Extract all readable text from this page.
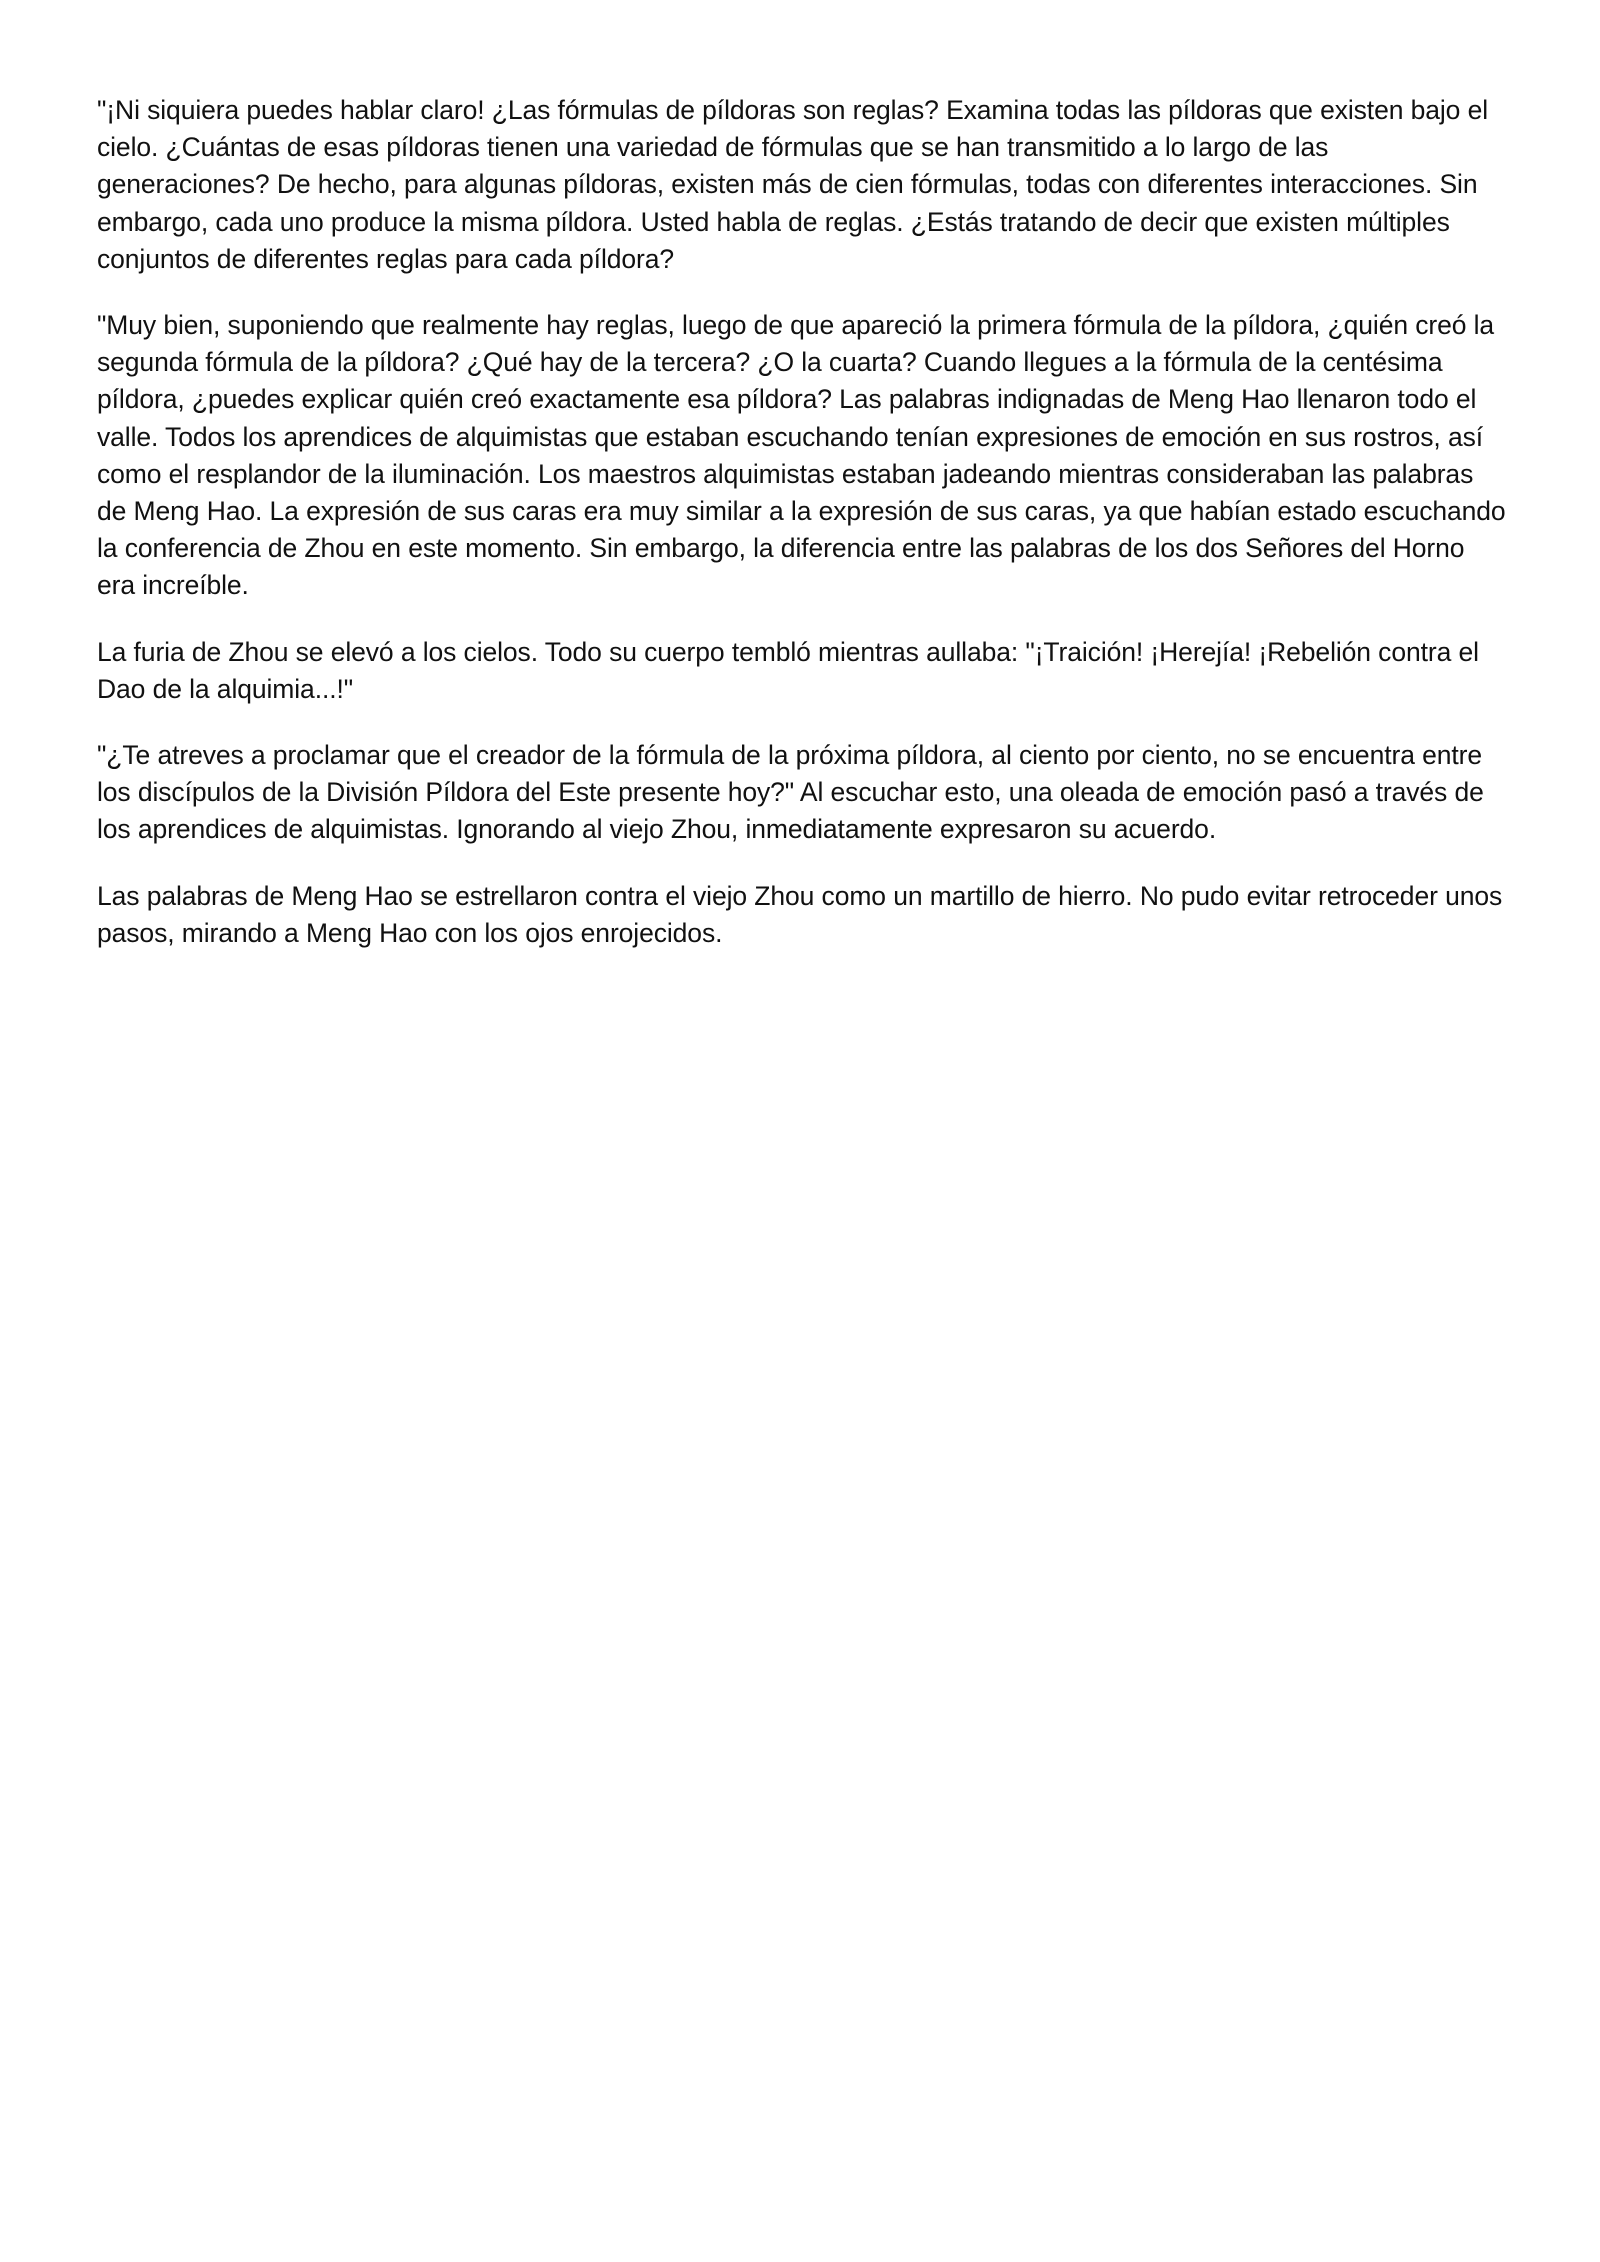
"¡Ni siquiera puedes hablar claro! ¿Las fórmulas de píldoras son reglas? Examina todas las píldoras que existen bajo el cielo. ¿Cuántas de esas píldoras tienen una variedad de fórmulas que se han transmitido a lo largo de las generaciones? De hecho, para algunas píldoras, existen más de cien fórmulas, todas con diferentes interacciones. Sin embargo, cada uno produce la misma píldora. Usted habla de reglas. ¿Estás tratando de decir que existen múltiples conjuntos de diferentes reglas para cada píldora?

"Muy bien, suponiendo que realmente hay reglas, luego de que apareció la primera fórmula de la píldora, ¿quién creó la segunda fórmula de la píldora? ¿Qué hay de la tercera? ¿O la cuarta? Cuando llegues a la fórmula de la centésima píldora, ¿puedes explicar quién creó exactamente esa píldora? Las palabras indignadas de Meng Hao llenaron todo el valle. Todos los aprendices de alquimistas que estaban escuchando tenían expresiones de emoción en sus rostros, así como el resplandor de la iluminación. Los maestros alquimistas estaban jadeando mientras consideraban las palabras de Meng Hao. La expresión de sus caras era muy similar a la expresión de sus caras, ya que habían estado escuchando la conferencia de Zhou en este momento. Sin embargo, la diferencia entre las palabras de los dos Señores del Horno era increíble.

La furia de Zhou se elevó a los cielos. Todo su cuerpo tembló mientras aullaba: "¡Traición! ¡Herejía! ¡Rebelión contra el Dao de la alquimia...!"

"¿Te atreves a proclamar que el creador de la fórmula de la próxima píldora, al ciento por ciento, no se encuentra entre los discípulos de la División Píldora del Este presente hoy?" Al escuchar esto, una oleada de emoción pasó a través de los aprendices de alquimistas. Ignorando al viejo Zhou, inmediatamente expresaron su acuerdo.

Las palabras de Meng Hao se estrellaron contra el viejo Zhou como un martillo de hierro. No pudo evitar retroceder unos pasos, mirando a Meng Hao con los ojos enrojecidos.
